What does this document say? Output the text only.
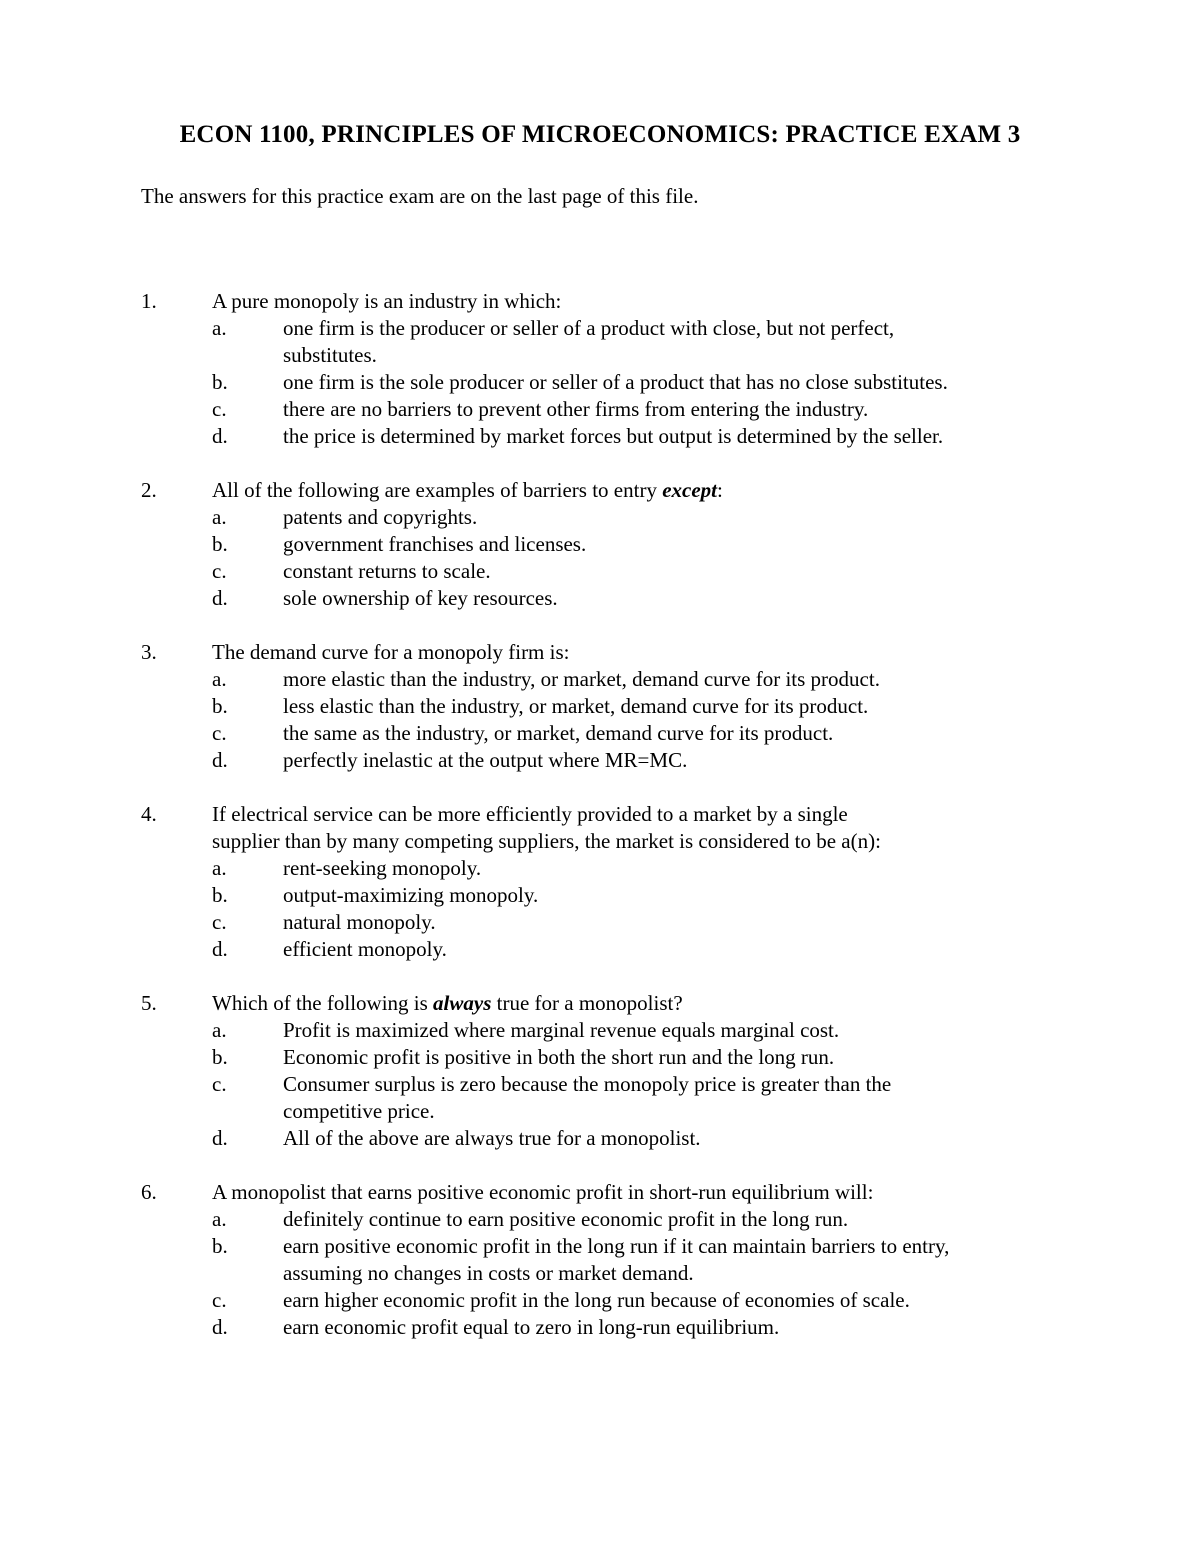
ECON 1100, PRINCIPLES OF MICROECONOMICS: PRACTICE EXAM 3
The answers for this practice exam are on the last page of this file.
1.	A pure monopoly is an industry in which:
a.	one firm is the producer or seller of a product with close, but not perfect,
substitutes.
b.	one firm is the sole producer or seller of a product that has no close substitutes.
c.	there are no barriers to prevent other firms from entering the industry.
d.	the price is determined by market forces but output is determined by the seller.
2.	All of the following are examples of barriers to entry except:
a.	patents and copyrights.
b.	government franchises and licenses.
c.	constant returns to scale.
d.	sole ownership of key resources.
3.	The demand curve for a monopoly firm is:
a.	more elastic than the industry, or market, demand curve for its product.
b.	less elastic than the industry, or market, demand curve for its product.
c.	the same as the industry, or market, demand curve for its product.
d.	perfectly inelastic at the output where MR=MC.
4.	If electrical service can be more efficiently provided to a market by a single
supplier than by many competing suppliers, the market is considered to be a(n):
a.	rent-seeking monopoly.
b.	output-maximizing monopoly.
c.	natural monopoly.
d.	efficient monopoly.
5.	Which of the following is always true for a monopolist?
a.	Profit is maximized where marginal revenue equals marginal cost.
b.	Economic profit is positive in both the short run and the long run.
c.	Consumer surplus is zero because the monopoly price is greater than the
competitive price.
d.	All of the above are always true for a monopolist.
6.	A monopolist that earns positive economic profit in short-run equilibrium will:
a.	definitely continue to earn positive economic profit in the long run.
b.	earn positive economic profit in the long run if it can maintain barriers to entry,
assuming no changes in costs or market demand.
c.	earn higher economic profit in the long run because of economies of scale.
d.	earn economic profit equal to zero in long-run equilibrium.
